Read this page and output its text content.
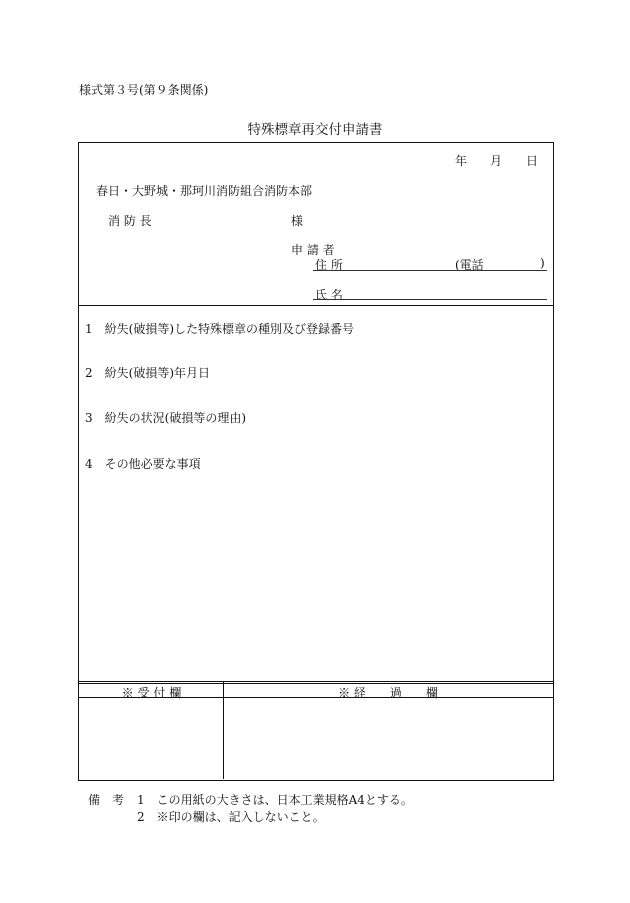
様式第３号(第９条関係)
特殊標章再交付申請書
年 月 日
春日・大野城・那珂川消防組合消防本部
消 防 長	様
申 請 者
住 所	(電話	)
氏 名
1　紛失(破損等)した特殊標章の種別及び登録番号
2　紛失(破損等)年月日
3　紛失の状況(破損等の理由)
4　その他必要な事項
※ 受 付 欄	※ 経　　過　　欄
備　考 1　この用紙の大きさは、日本工業規格A4とする。
2　※印の欄は、記入しないこと。
